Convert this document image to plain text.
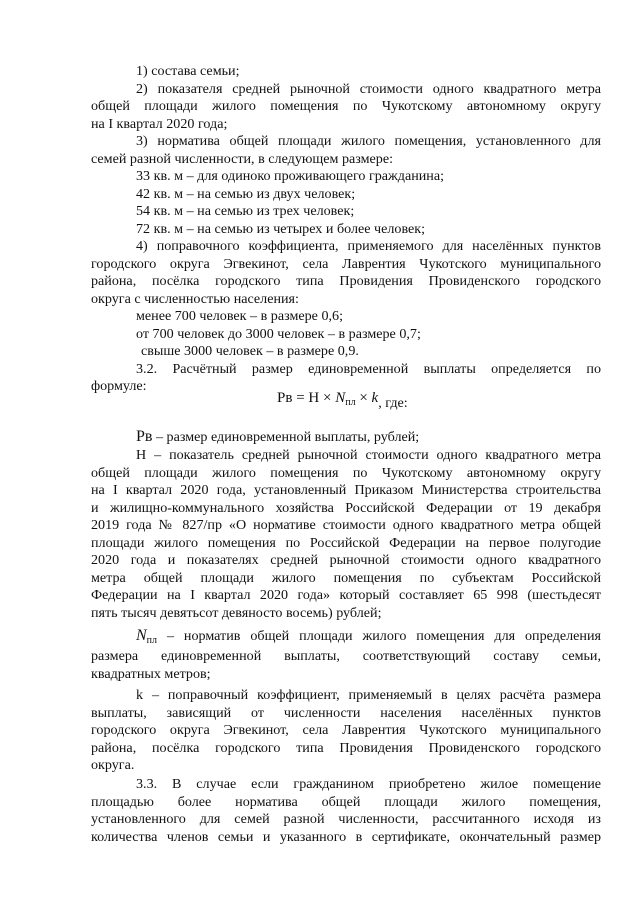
1) состава семьи;
2) показателя средней рыночной стоимости одного квадратного метра
общей площади жилого помещения по Чукотскому автономному округу
на I квартал 2020 года;
3) норматива общей площади жилого помещения, установленного для
семей разной численности, в следующем размере:
33 кв. м – для одиноко проживающего гражданина;
42 кв. м – на семью из двух человек;
54 кв. м – на семью из трех человек;
72 кв. м – на семью из четырех и более человек;
4) поправочного коэффициента, применяемого для населённых пунктов
городского округа Эгвекинот, села Лаврентия Чукотского муниципального
района, посёлка городского типа Провидения Провиденского городского
округа с численностью населения:
менее 700 человек – в размере 0,6;
от 700 человек до 3000 человек – в размере 0,7;
свыше 3000 человек – в размере 0,9.
3.2. Расчётный размер единовременной выплаты определяется по
формуле:
Рв = $Н \times N_{пл} \times k$, где:
Рв – размер единовременной выплаты, рублей;
Н – показатель средней рыночной стоимости одного квадратного метра
общей площади жилого помещения по Чукотскому автономному округу
на I квартал 2020 года, установленный Приказом Министерства строительства
и жилищно-коммунального хозяйства Российской Федерации от 19 декабря
2019 года № 827/пр «О нормативе стоимости одного квадратного метра общей
площади жилого помещения по Российской Федерации на первое полугодие
2020 года и показателях средней рыночной стоимости одного квадратного
метра общей площади жилого помещения по субъектам Российской
Федерации на I квартал 2020 года» который составляет 65 998 (шестьдесят
пять тысяч девятьсот девяносто восемь) рублей;
$N_{пл}$ – норматив общей площади жилого помещения для определения
размера единовременной выплаты, соответствующий составу семьи,
квадратных метров;
k – поправочный коэффициент, применяемый в целях расчёта размера
выплаты, зависящий от численности населения населённых пунктов
городского округа Эгвекинот, села Лаврентия Чукотского муниципального
района, посёлка городского типа Провидения Провиденского городского
округа.
3.3. В случае если гражданином приобретено жилое помещение
площадью более норматива общей площади жилого помещения,
установленного для семей разной численности, рассчитанного исходя из
количества членов семьи и указанного в сертификате, окончательный размер
